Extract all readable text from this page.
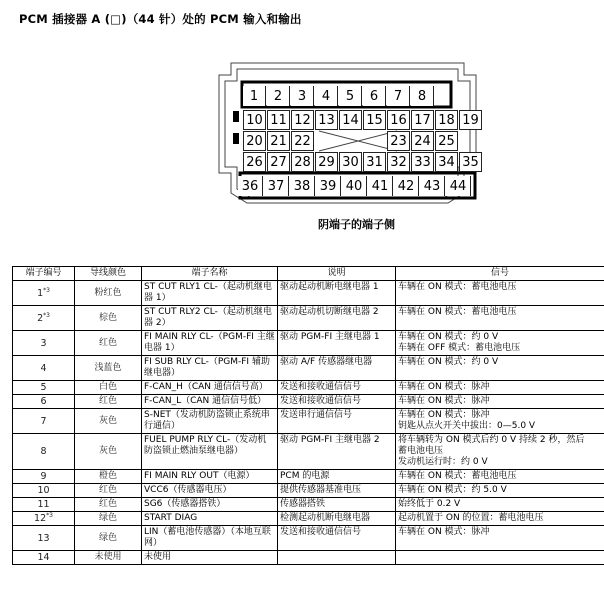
PCM 插接器 A (□)（44 针）处的 PCM 输入和输出
1	2	3	4	5	6	7	8
10 11 12 13 14 15 16 17 18 19
20 21 22	23 24 25
26 27 28 29 30 31 32 33 34 35
36 37 38 39 40 41 42 43 44
阴端子的端子侧
端子编号	导线颜色	端子名称	说明	信号
1$^{*3}$	粉红色	ST CUT RLY1 CL-（起动机继电器 1）	驱动起动机断电继电器 1	车辆在 ON 模式：蓄电池电压

2$^{*3}$	棕色	ST CUT RLY2 CL-（起动机继电器 2）	驱动起动机切断继电器 2	车辆在 ON 模式：蓄电池电压

3	红色	FI MAIN RLY CL-（PGM-FI 主继电器 1）	驱动 PGM-FI 主继电器 1	车辆在 ON 模式：约 0 V
车辆在 OFF 模式：蓄电池电压

4	浅蓝色	FI SUB RLY CL-（PGM-FI 辅助继电器）	驱动 A/F 传感器继电器	车辆在 ON 模式：约 0 V

5	白色	F-CAN_H（CAN 通信信号高）	发送和接收通信信号	车辆在 ON 模式：脉冲

6	红色	F-CAN_L（CAN 通信信号低）	发送和接收通信信号	车辆在 ON 模式：脉冲

7	灰色	S-NET（发动机防盗锁止系统串行通信）	发送串行通信信号	车辆在 ON 模式：脉冲
钥匙从点火开关中拔出：0—5.0 V

8	灰色	FUEL PUMP RLY CL-（发动机防盗锁止燃油泵继电器）	驱动 PGM-FI 主继电器 2	将车辆转为 ON 模式后约 0 V 持续 2 秒，然后
蓄电池电压
发动机运行时：约 0 V

9	橙色	FI MAIN RLY OUT（电源）	PCM 的电源	车辆在 ON 模式：蓄电池电压

10	红色	VCC6（传感器电压）	提供传感器基准电压	车辆在 ON 模式：约 5.0 V

11	红色	SG6（传感器搭铁）	传感器搭铁	始终低于 0.2 V

12$^{*3}$	绿色	START DIAG	检测起动机断电继电器	起动机置于 ON 的位置：蓄电池电压

13	绿色	LIN（蓄电池传感器）（本地互联网）	发送和接收通信信号	车辆在 ON 模式：脉冲

14	未使用	未使用		
